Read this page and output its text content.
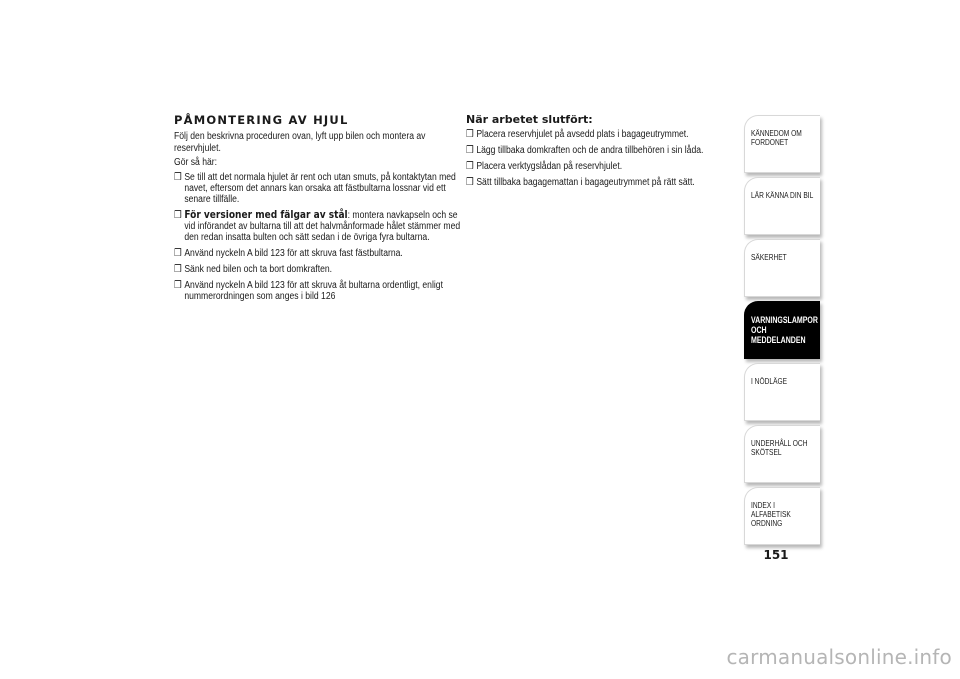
PÅMONTERING AV HJUL
Följ den beskrivna proceduren ovan, lyft upp bilen och montera av reservhjulet.
Gör så här:
❒ Se till att det normala hjulet är rent och utan smuts, på kontaktytan med navet, eftersom det annars kan orsaka att fästbultarna lossnar vid ett senare tillfälle.
❒ För versioner med fälgar av stål: montera navkapseln och se vid införandet av bultarna till att det halvmånformade hålet stämmer med den redan insatta bulten och sätt sedan i de övriga fyra bultarna.
❒ Använd nyckeln A bild 123 för att skruva fast fästbultarna.
❒ Sänk ned bilen och ta bort domkraften.
❒ Använd nyckeln A bild 123 för att skruva åt bultarna ordentligt, enligt nummerordningen som anges i bild 126
När arbetet slutfört:
❒ Placera reservhjulet på avsedd plats i bagageutrymmet.
❒ Lägg tillbaka domkraften och de andra tillbehören i sin låda.
❒ Placera verktygslådan på reservhjulet.
❒ Sätt tillbaka bagagemattan i bagageutrymmet på rätt sätt.
KÄNNEDOM OM FORDONET
LÄR KÄNNA DIN BIL
SÄKERHET
VARNINGSLAMPOR OCH MEDDELANDEN
I NÖDLÄGE
UNDERHÅLL OCH SKÖTSEL
INDEX I ALFABETISK ORDNING
151
carmanualsonline.info
